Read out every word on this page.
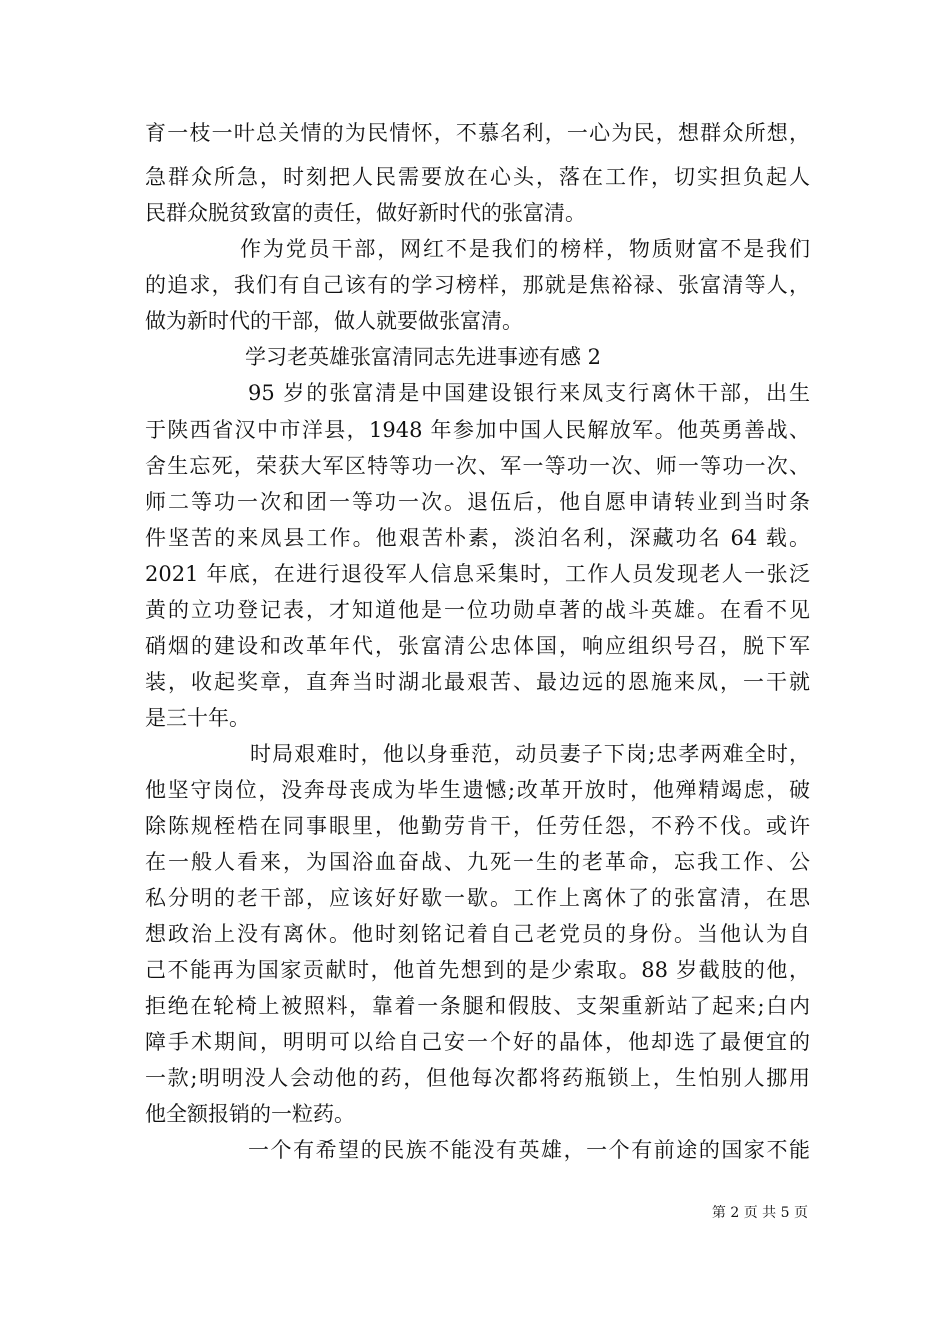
育一枝一叶总关情的为民情怀，不慕名利，一心为民，想群众所想，
急群众所急，时刻把人民需要放在心头，落在工作，切实担负起人
民群众脱贫致富的责任，做好新时代的张富清。
作为党员干部，网红不是我们的榜样，物质财富不是我们
的追求，我们有自己该有的学习榜样，那就是焦裕禄、张富清等人，
做为新时代的干部，做人就要做张富清。
学习老英雄张富清同志先进事迹有感 2
95 岁的张富清是中国建设银行来凤支行离休干部，出生
于陕西省汉中市洋县，1948 年参加中国人民解放军。他英勇善战、
舍生忘死，荣获大军区特等功一次、军一等功一次、师一等功一次、
师二等功一次和团一等功一次。退伍后，他自愿申请转业到当时条
件坚苦的来凤县工作。他艰苦朴素，淡泊名利，深藏功名 64 载。
2021 年底，在进行退役军人信息采集时，工作人员发现老人一张泛
黄的立功登记表，才知道他是一位功勋卓著的战斗英雄。在看不见
硝烟的建设和改革年代，张富清公忠体国，响应组织号召，脱下军
装，收起奖章，直奔当时湖北最艰苦、最边远的恩施来凤，一干就
是三十年。
时局艰难时，他以身垂范，动员妻子下岗;忠孝两难全时，
他坚守岗位，没奔母丧成为毕生遗憾;改革开放时，他殚精竭虑，破
除陈规桎梏在同事眼里，他勤劳肯干，任劳任怨，不矜不伐。或许
在一般人看来，为国浴血奋战、九死一生的老革命，忘我工作、公
私分明的老干部，应该好好歇一歇。工作上离休了的张富清，在思
想政治上没有离休。他时刻铭记着自己老党员的身份。当他认为自
己不能再为国家贡献时，他首先想到的是少索取。88 岁截肢的他，
拒绝在轮椅上被照料，靠着一条腿和假肢、支架重新站了起来;白内
障手术期间，明明可以给自己安一个好的晶体，他却选了最便宜的
一款;明明没人会动他的药，但他每次都将药瓶锁上，生怕别人挪用
他全额报销的一粒药。
一个有希望的民族不能没有英雄，一个有前途的国家不能
第 2 页 共 5 页
